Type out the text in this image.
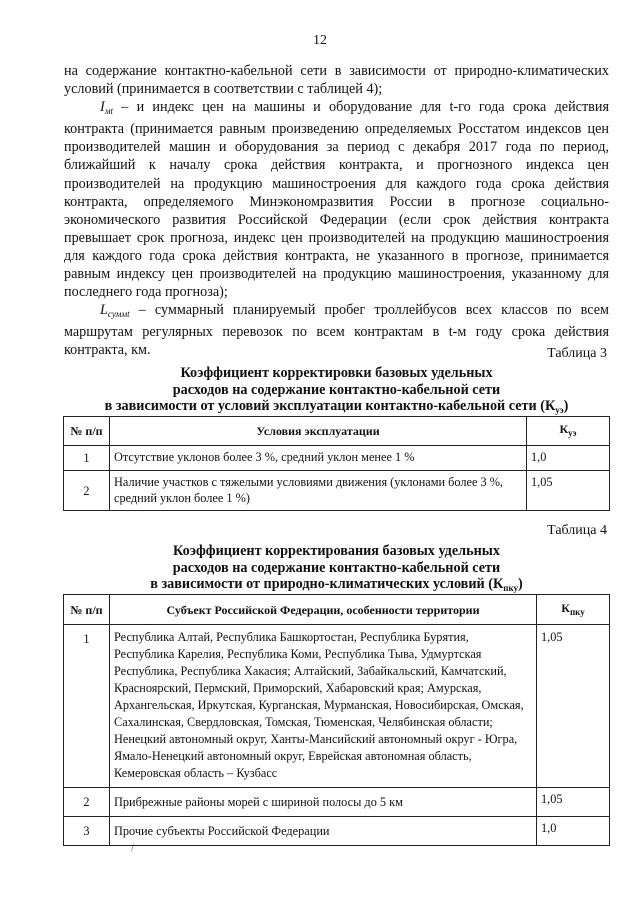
12

на содержание контактно-кабельной сети в зависимости от природно-климатических условий (принимается в соответствии с таблицей 4);

$I_{мt}$ – и индекс цен на машины и оборудование для t-го года срока действия контракта (принимается равным произведению определяемых Росстатом индексов цен производителей машин и оборудования за период с декабря 2017 года по период, ближайший к началу срока действия контракта, и прогнозного индекса цен производителей на продукцию машиностроения для каждого года срока действия контракта, определяемого Минэкономразвития России в прогнозе социально-экономического развития Российской Федерации (если срок действия контракта превышает срок прогноза, индекс цен производителей на продукцию машиностроения для каждого года срока действия контракта, не указанного в прогнозе, принимается равным индексу цен производителей на продукцию машиностроения, указанному для последнего года прогноза);

$L_{суммt}$ – суммарный планируемый пробег троллейбусов всех классов по всем маршрутам регулярных перевозок по всем контрактам в t-м году срока действия контракта, км.	Таблица 3
Коэффициент корректировки базовых удельных
расходов на содержание контактно-кабельной сети
в зависимости от условий эксплуатации контактно-кабельной сети $(К_{уэ})$
№ п/п	Условия эксплуатации	$К_{уэ}$
1	Отсутствие уклонов более 3 %, средний уклон менее 1 %	1,0
2	Наличие участков с тяжелыми условиями движения (уклонами более 3 %, средний уклон более 1 %)	1,05
Таблица 4
Коэффициент корректирования базовых удельных
расходов на содержание контактно-кабельной сети
в зависимости от природно-климатических условий $(К_{пку})$
№ п/п	Субъект Российской Федерации, особенности территории	$К_{пку}$
1	Республика Алтай, Республика Башкортостан, Республика Бурятия, Республика Карелия, Республика Коми, Республика Тыва, Удмуртская Республика, Республика Хакасия; Алтайский, Забайкальский, Камчатский, Красноярский, Пермский, Приморский, Хабаровский края; Амурская, Архангельская, Иркутская, Курганская, Мурманская, Новосибирская, Омская, Сахалинская, Свердловская, Томская, Тюменская, Челябинская области; Ненецкий автономный округ, Ханты-Мансийский автономный округ - Югра, Ямало-Ненецкий автономный округ, Еврейская автономная область, Кемеровская область – Кузбасс	1,05
2	Прибрежные районы морей с шириной полосы до 5 км	1,05
3	Прочие субъекты Российской Федерации	1,0
/
